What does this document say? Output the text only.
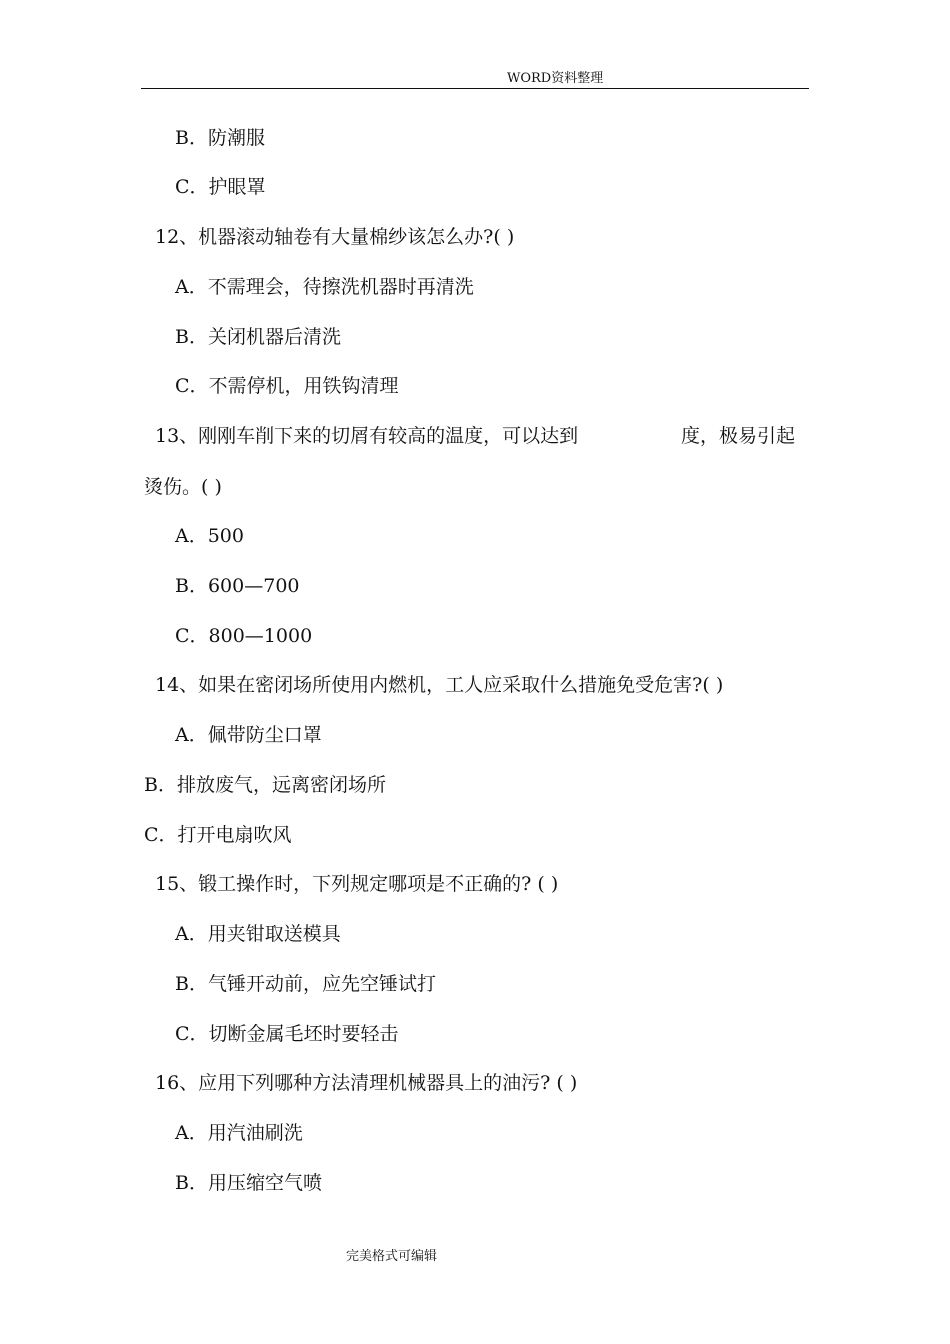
WORD资料整理
B．防潮服
C．护眼罩
12、机器滚动轴卷有大量棉纱该怎么办?( )
A．不需理会，待擦洗机器时再清洗
B．关闭机器后清洗
C．不需停机，用铁钩清理
13、刚刚车削下来的切屑有较高的温度，可以达到	度，极易引起
烫伤。( )
A．500
B．600—700
C．800—1000
14、如果在密闭场所使用内燃机，工人应采取什么措施免受危害?( )
A．佩带防尘口罩
B．排放废气，远离密闭场所
C．打开电扇吹风
15、锻工操作时，下列规定哪项是不正确的? ( )
A．用夹钳取送模具
B．气锤开动前，应先空锤试打
C．切断金属毛坯时要轻击
16、应用下列哪种方法清理机械器具上的油污? ( )
A．用汽油刷洗
B．用压缩空气喷
完美格式可编辑
